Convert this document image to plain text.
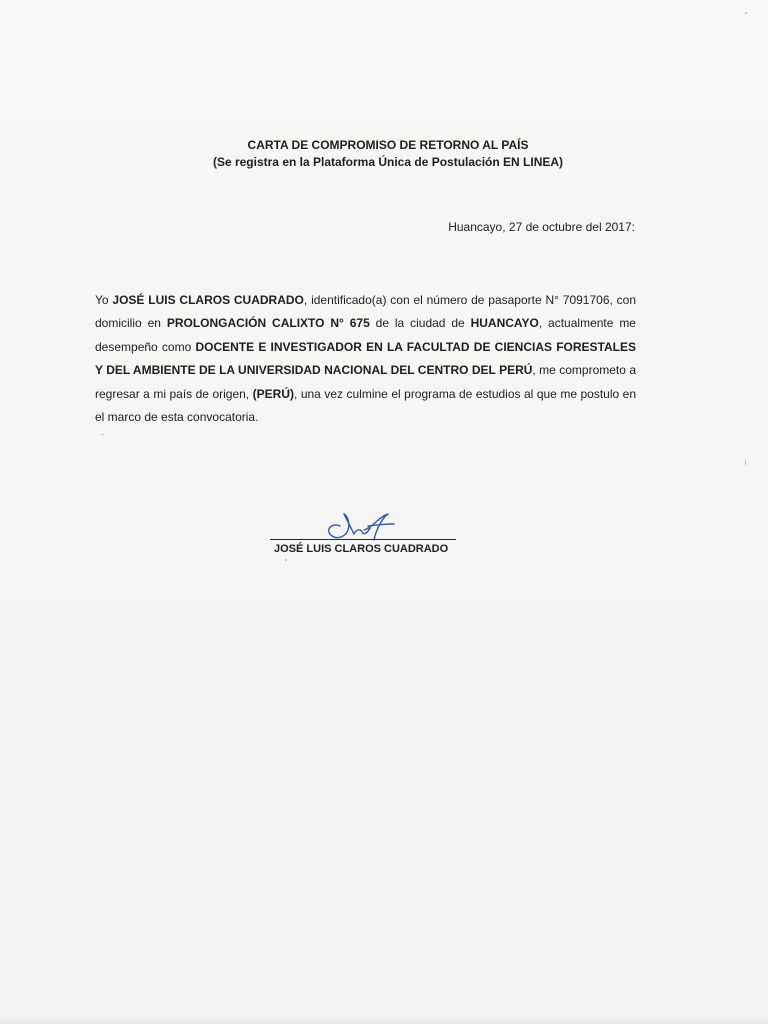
CARTA DE COMPROMISO DE RETORNO AL PAÍS
(Se registra en la Plataforma Única de Postulación EN LINEA)
Huancayo, 27 de octubre del 2017:
Yo JOSÉ LUIS CLAROS CUADRADO, identificado(a) con el número de pasaporte N° 7091706, con domicilio en PROLONGACIÓN CALIXTO N° 675 de la ciudad de HUANCAYO, actualmente me desempeño como DOCENTE E INVESTIGADOR EN LA FACULTAD DE CIENCIAS FORESTALES Y DEL AMBIENTE DE LA UNIVERSIDAD NACIONAL DEL CENTRO DEL PERÚ, me comprometo a regresar a mi país de origen, (PERÚ), una vez culmine el programa de estudios al que me postulo en el marco de esta convocatoria.
JOSÉ LUIS CLAROS CUADRADO
